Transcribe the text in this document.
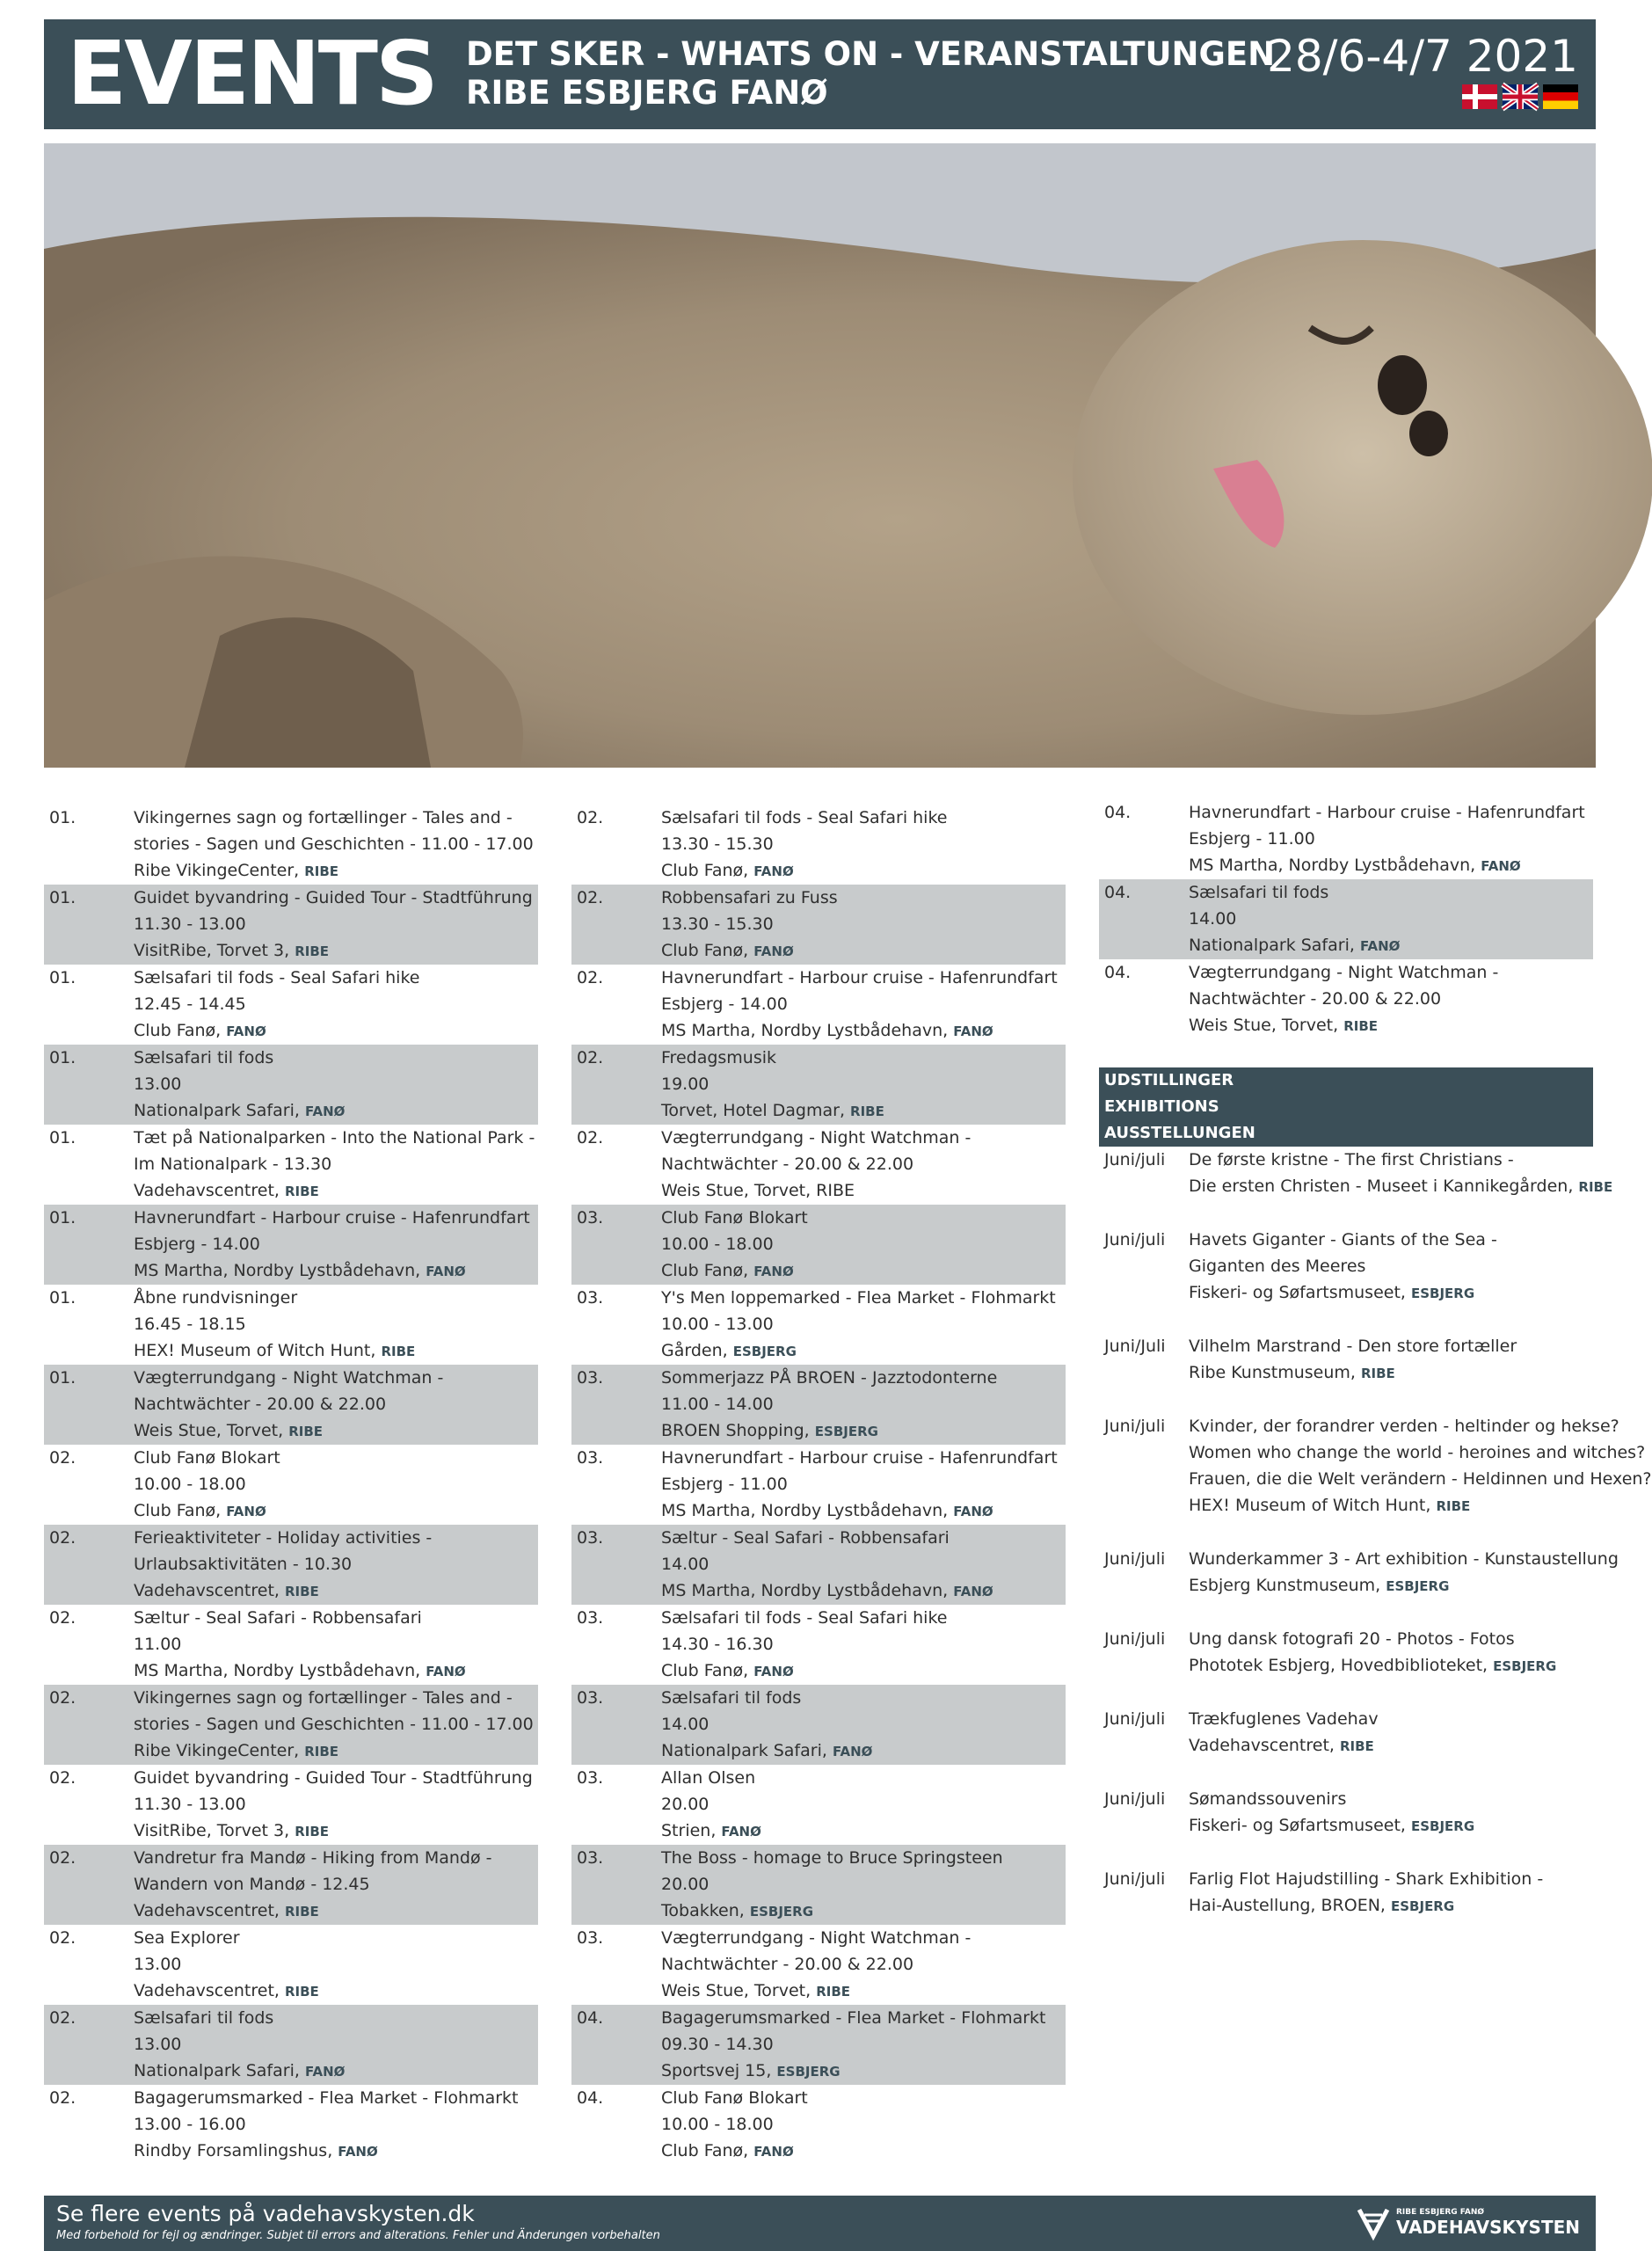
EVENTS DET SKER - WHATS ON - VERANSTALTUNGEN
RIBE ESBJERG FANØ
28/6-4/7 2021
01.	Vikingernes sagn og fortællinger - Tales and -
stories - Sagen und Geschichten - 11.00 - 17.00
Ribe VikingeCenter, RIBE
01.	Guidet byvandring - Guided Tour - Stadtführung
11.30 - 13.00
VisitRibe, Torvet 3, RIBE
01.	Sælsafari til fods - Seal Safari hike
12.45 - 14.45
Club Fanø, FANØ
01.	Sælsafari til fods
13.00
Nationalpark Safari, FANØ
01.	Tæt på Nationalparken - Into the National Park -
Im Nationalpark - 13.30
Vadehavscentret, RIBE
01.	Havnerundfart - Harbour cruise - Hafenrundfart
Esbjerg - 14.00
MS Martha, Nordby Lystbådehavn, FANØ
01.	Åbne rundvisninger
16.45 - 18.15
HEX! Museum of Witch Hunt, RIBE
01.	Vægterrundgang - Night Watchman -
Nachtwächter - 20.00 & 22.00
Weis Stue, Torvet, RIBE
02.	Club Fanø Blokart
10.00 - 18.00
Club Fanø, FANØ
02.	Ferieaktiviteter - Holiday activities -
Urlaubsaktivitäten - 10.30
Vadehavscentret, RIBE
02.	Sæltur - Seal Safari - Robbensafari
11.00
MS Martha, Nordby Lystbådehavn, FANØ
02.	Vikingernes sagn og fortællinger - Tales and -
stories - Sagen und Geschichten - 11.00 - 17.00
Ribe VikingeCenter, RIBE
02.	Guidet byvandring - Guided Tour - Stadtführung
11.30 - 13.00
VisitRibe, Torvet 3, RIBE
02.	Vandretur fra Mandø - Hiking from Mandø -
Wandern von Mandø - 12.45
Vadehavscentret, RIBE
02.	Sea Explorer
13.00
Vadehavscentret, RIBE
02.	Sælsafari til fods
13.00
Nationalpark Safari, FANØ
02.	Bagagerumsmarked - Flea Market - Flohmarkt
13.00 - 16.00
Rindby Forsamlingshus, FANØ
02.	Sælsafari til fods - Seal Safari hike
13.30 - 15.30
Club Fanø, FANØ
02.	Robbensafari zu Fuss
13.30 - 15.30
Club Fanø, FANØ
02.	Havnerundfart - Harbour cruise - Hafenrundfart
Esbjerg - 14.00
MS Martha, Nordby Lystbådehavn, FANØ
02.	Fredagsmusik
19.00
Torvet, Hotel Dagmar, RIBE
02.	Vægterrundgang - Night Watchman -
Nachtwächter - 20.00 & 22.00
Weis Stue, Torvet, RIBE
03.	Club Fanø Blokart
10.00 - 18.00
Club Fanø, FANØ
03.	Y's Men loppemarked - Flea Market - Flohmarkt
10.00 - 13.00
Gården, ESBJERG
03.	Sommerjazz PÅ BROEN - Jazztodonterne
11.00 - 14.00
BROEN Shopping, ESBJERG
03.	Havnerundfart - Harbour cruise - Hafenrundfart
Esbjerg - 11.00
MS Martha, Nordby Lystbådehavn, FANØ
03.	Sæltur - Seal Safari - Robbensafari
14.00
MS Martha, Nordby Lystbådehavn, FANØ
03.	Sælsafari til fods - Seal Safari hike
14.30 - 16.30
Club Fanø, FANØ
03.	Sælsafari til fods
14.00
Nationalpark Safari, FANØ
03.	Allan Olsen
20.00
Strien, FANØ
03.	The Boss - homage to Bruce Springsteen
20.00
Tobakken, ESBJERG
03.	Vægterrundgang - Night Watchman -
Nachtwächter - 20.00 & 22.00
Weis Stue, Torvet, RIBE
04.	Bagagerumsmarked - Flea Market - Flohmarkt
09.30 - 14.30
Sportsvej 15, ESBJERG
04.	Club Fanø Blokart
10.00 - 18.00
Club Fanø, FANØ
04.	Havnerundfart - Harbour cruise - Hafenrundfart
Esbjerg - 11.00
MS Martha, Nordby Lystbådehavn, FANØ
04.	Sælsafari til fods
14.00
Nationalpark Safari, FANØ
04.	Vægterrundgang - Night Watchman -
Nachtwächter - 20.00 & 22.00
Weis Stue, Torvet, RIBE
UDSTILLINGER
EXHIBITIONS
AUSSTELLUNGEN
Juni/juli	De første kristne - The first Christians -
Die ersten Christen - Museet i Kannikegården, RIBE
Juni/juli	Havets Giganter - Giants of the Sea -
Giganten des Meeres
Fiskeri- og Søfartsmuseet, ESBJERG
Juni/Juli	Vilhelm Marstrand - Den store fortæller
Ribe Kunstmuseum, RIBE
Juni/juli	Kvinder, der forandrer verden - heltinder og hekse?
Women who change the world - heroines and witches?
Frauen, die die Welt verändern - Heldinnen und Hexen?
HEX! Museum of Witch Hunt, RIBE
Juni/juli	Wunderkammer 3 - Art exhibition - Kunstaustellung
Esbjerg Kunstmuseum, ESBJERG
Juni/juli	Ung dansk fotografi 20 - Photos - Fotos
Phototek Esbjerg, Hovedbiblioteket, ESBJERG
Juni/juli	Trækfuglenes Vadehav
Vadehavscentret, RIBE
Juni/juli	Sømandssouvenirs
Fiskeri- og Søfartsmuseet, ESBJERG
Juni/juli	Farlig Flot Hajudstilling - Shark Exhibition -
Hai-Austellung, BROEN, ESBJERG
Se flere events på vadehavskysten.dk
Med forbehold for fejl og ændringer. Subjet til errors and alterations. Fehler und Änderungen vorbehalten
RIBE ESBJERG FANØ
VADEHAVSKYSTEN
